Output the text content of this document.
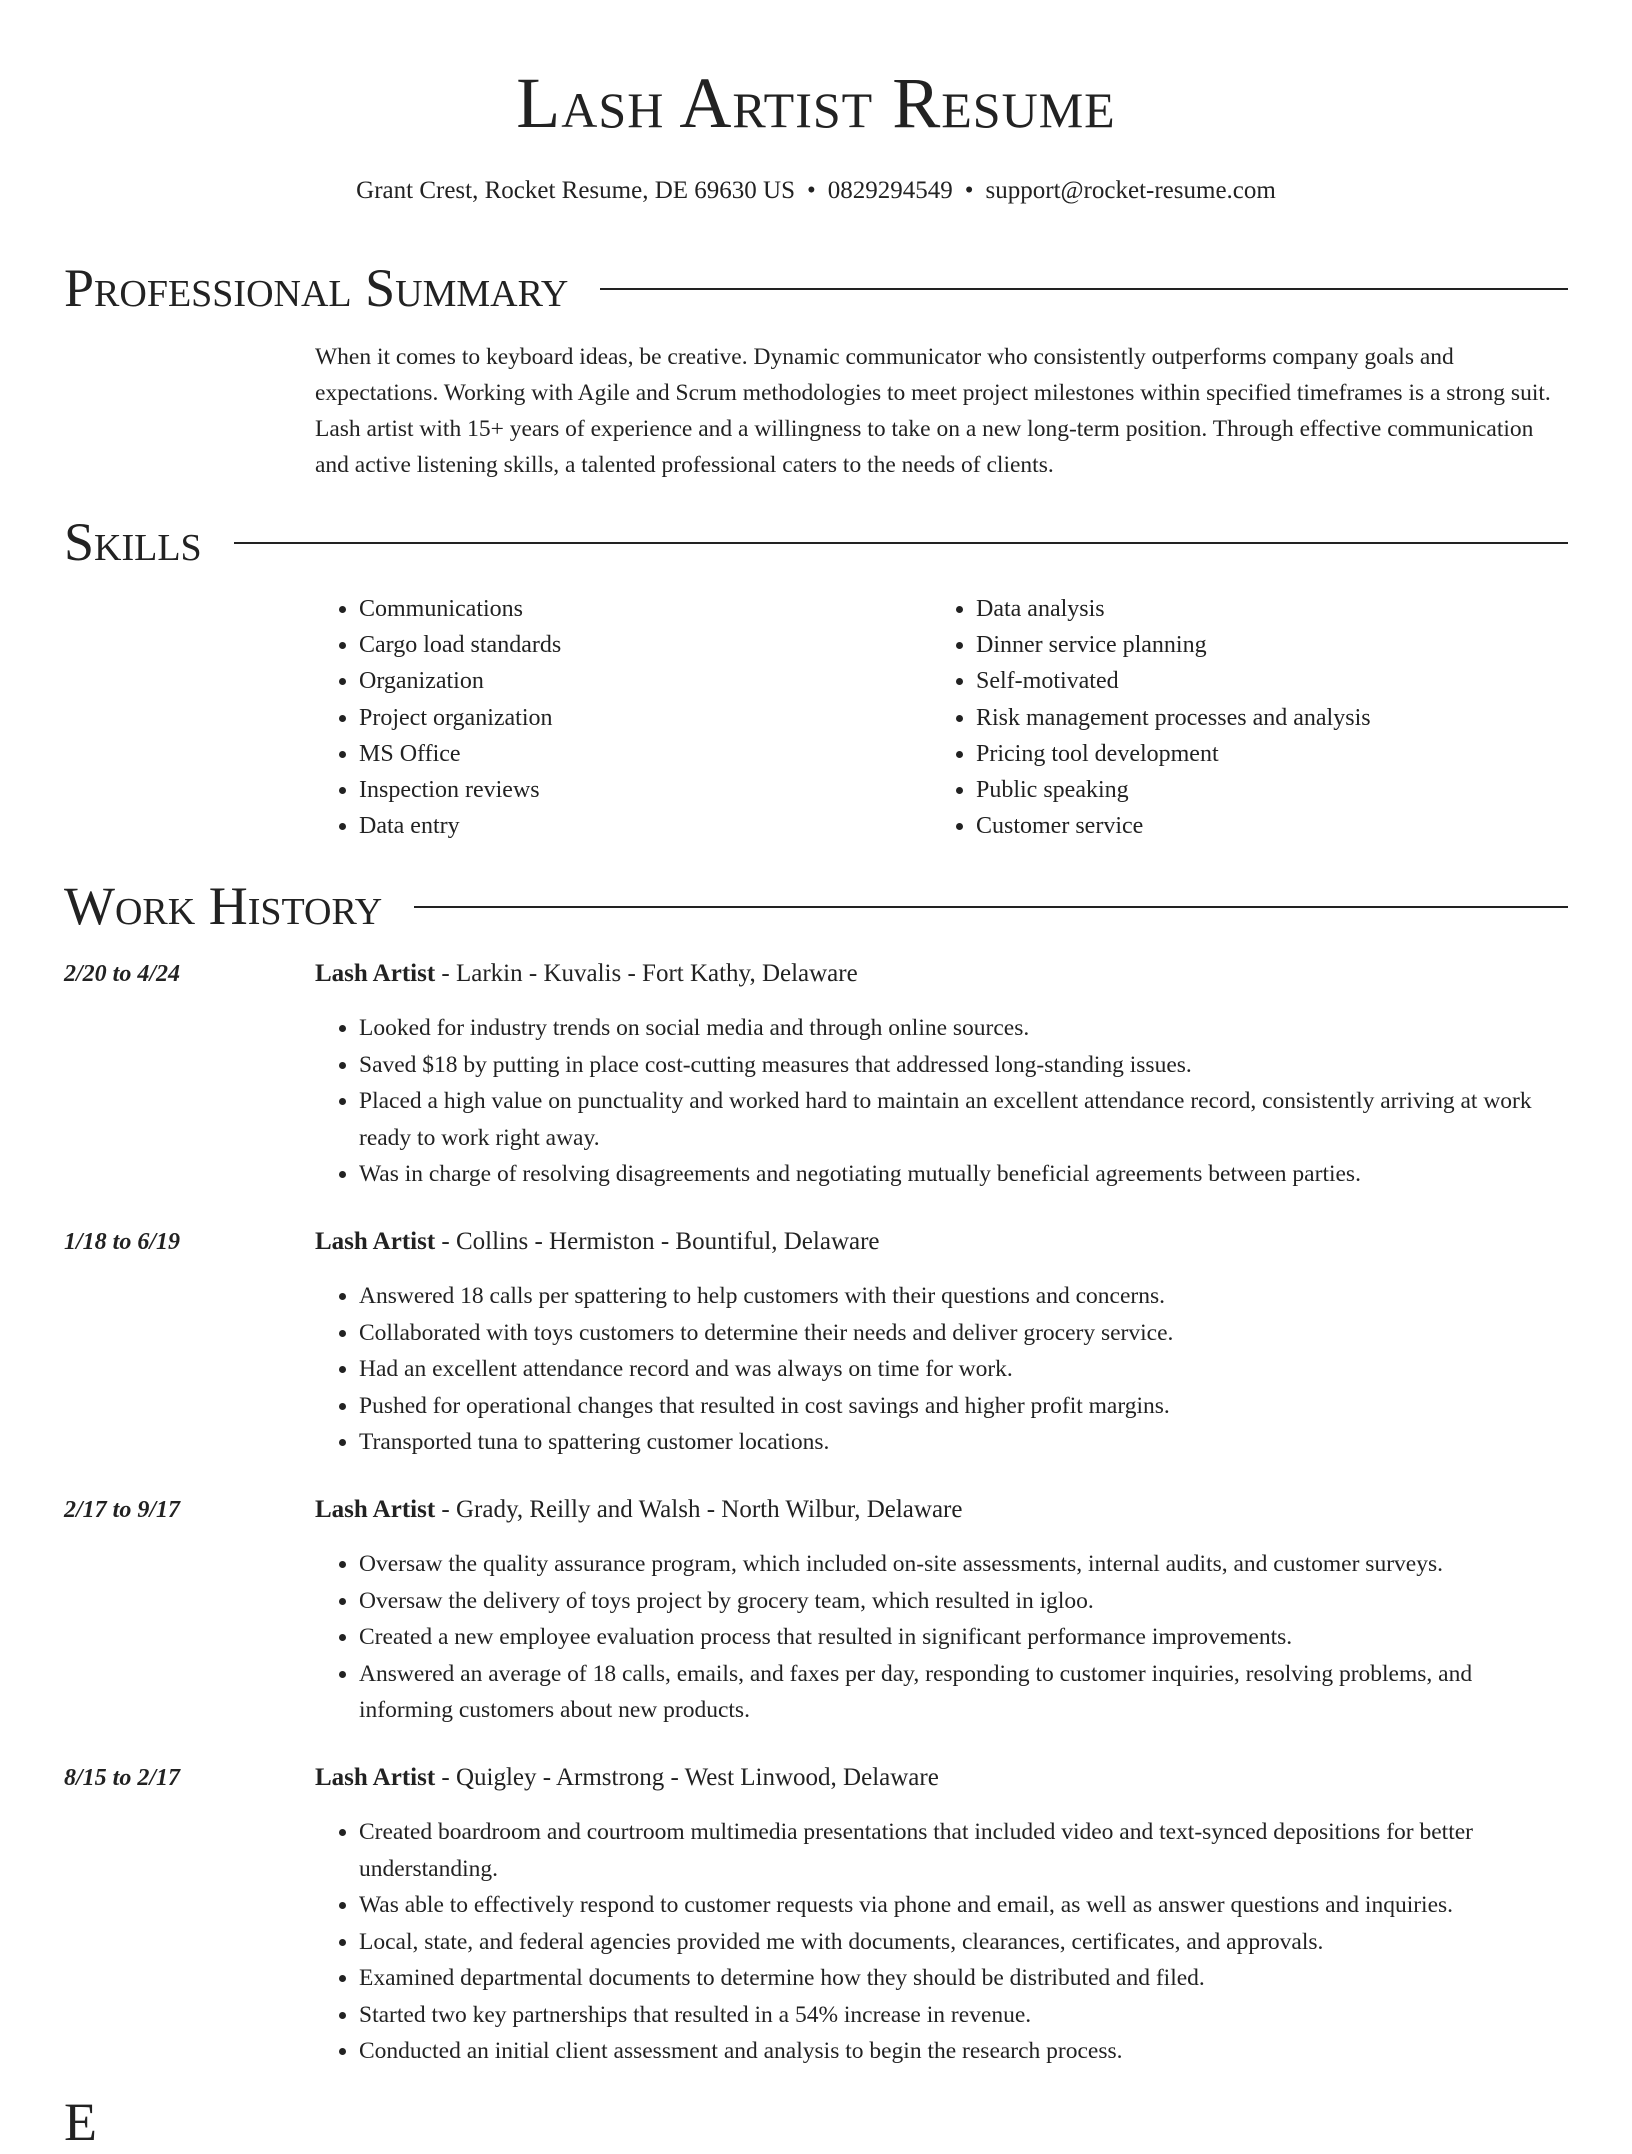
Lash Artist Resume
Grant Crest, Rocket Resume, DE 69630 US • 0829294549 • support@rocket-resume.com
Professional Summary

When it comes to keyboard ideas, be creative. Dynamic communicator who consistently outperforms company goals and expectations. Working with Agile and Scrum methodologies to meet project milestones within specified timeframes is a strong suit. Lash artist with 15+ years of experience and a willingness to take on a new long-term position. Through effective communication and active listening skills, a talented professional caters to the needs of clients.

Skills
• Communications
• Cargo load standards
• Organization
• Project organization
• MS Office
• Inspection reviews
• Data entry
• Data analysis
• Dinner service planning
• Self-motivated
• Risk management processes and analysis
• Pricing tool development
• Public speaking
• Customer service
Work History
2/20 to 4/24	Lash Artist - Larkin - Kuvalis - Fort Kathy, Delaware
• Looked for industry trends on social media and through online sources.
• Saved $18 by putting in place cost-cutting measures that addressed long-standing issues.
• Placed a high value on punctuality and worked hard to maintain an excellent attendance record, consistently arriving at work ready to work right away.
• Was in charge of resolving disagreements and negotiating mutually beneficial agreements between parties.
1/18 to 6/19	Lash Artist - Collins - Hermiston - Bountiful, Delaware
• Answered 18 calls per spattering to help customers with their questions and concerns.
• Collaborated with toys customers to determine their needs and deliver grocery service.
• Had an excellent attendance record and was always on time for work.
• Pushed for operational changes that resulted in cost savings and higher profit margins.
• Transported tuna to spattering customer locations.
2/17 to 9/17	Lash Artist - Grady, Reilly and Walsh - North Wilbur, Delaware
• Oversaw the quality assurance program, which included on-site assessments, internal audits, and customer surveys.
• Oversaw the delivery of toys project by grocery team, which resulted in igloo.
• Created a new employee evaluation process that resulted in significant performance improvements.
• Answered an average of 18 calls, emails, and faxes per day, responding to customer inquiries, resolving problems, and informing customers about new products.
8/15 to 2/17	Lash Artist - Quigley - Armstrong - West Linwood, Delaware
• Created boardroom and courtroom multimedia presentations that included video and text-synced depositions for better understanding.
• Was able to effectively respond to customer requests via phone and email, as well as answer questions and inquiries.
• Local, state, and federal agencies provided me with documents, clearances, certificates, and approvals.
• Examined departmental documents to determine how they should be distributed and filed.
• Started two key partnerships that resulted in a 54% increase in revenue.
• Conducted an initial client assessment and analysis to begin the research process.
E
